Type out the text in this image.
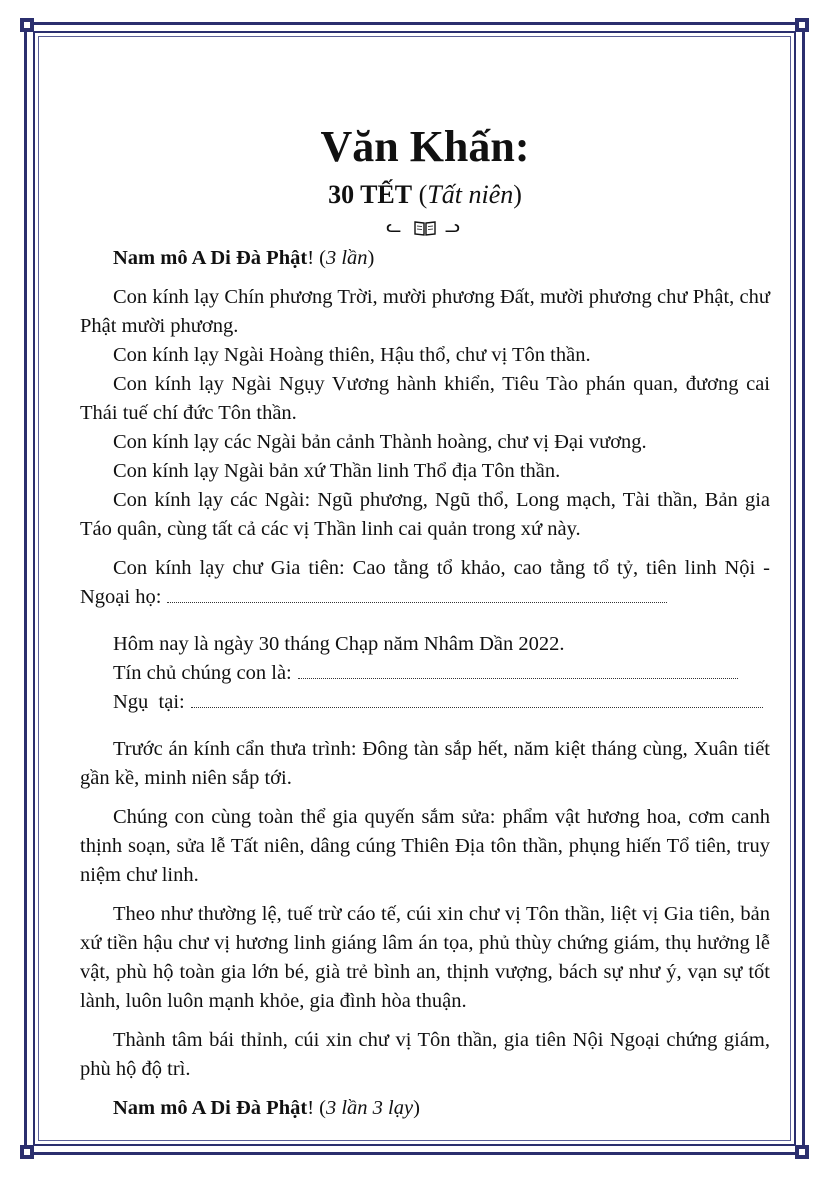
Văn Khấn:
30 TẾT (Tất niên)
ᓚ ᓗ

Nam mô A Di Đà Phật! (3 lần)

Con kính lạy Chín phương Trời, mười phương Đất, mười phương chư Phật, chư Phật mười phương.

Con kính lạy Ngài Hoàng thiên, Hậu thổ, chư vị Tôn thần.

Con kính lạy Ngài Ngụy Vương hành khiển, Tiêu Tào phán quan, đương cai Thái tuế chí đức Tôn thần.

Con kính lạy các Ngài bản cảnh Thành hoàng, chư vị Đại vương.

Con kính lạy Ngài bản xứ Thần linh Thổ địa Tôn thần.

Con kính lạy các Ngài: Ngũ phương, Ngũ thổ, Long mạch, Tài thần, Bản gia Táo quân, cùng tất cả các vị Thần linh cai quản trong xứ này.

Con kính lạy chư Gia tiên: Cao tằng tổ khảo, cao tằng tổ tỷ, tiên linh Nội - Ngoại họ:

Hôm nay là ngày 30 tháng Chạp năm Nhâm Dần 2022.

Tín chủ chúng con là:

Ngụ  tại:

Trước án kính cẩn thưa trình: Đông tàn sắp hết, năm kiệt tháng cùng, Xuân tiết gần kề, minh niên sắp tới.

Chúng con cùng toàn thể gia quyến sắm sửa: phẩm vật hương hoa, cơm canh thịnh soạn, sửa lễ Tất niên, dâng cúng Thiên Địa tôn thần, phụng hiến Tổ tiên, truy niệm chư linh.

Theo như thường lệ, tuế trừ cáo tế, cúi xin chư vị Tôn thần, liệt vị Gia tiên, bản xứ tiền hậu chư vị hương linh giáng lâm án tọa, phủ thùy chứng giám, thụ hưởng lễ vật, phù hộ toàn gia lớn bé, già trẻ bình an, thịnh vượng, bách sự như ý, vạn sự tốt lành, luôn luôn mạnh khỏe, gia đình hòa thuận.

Thành tâm bái thỉnh, cúi xin chư vị Tôn thần, gia tiên Nội Ngoại chứng giám, phù hộ độ trì.

Nam mô A Di Đà Phật! (3 lần 3 lạy)
